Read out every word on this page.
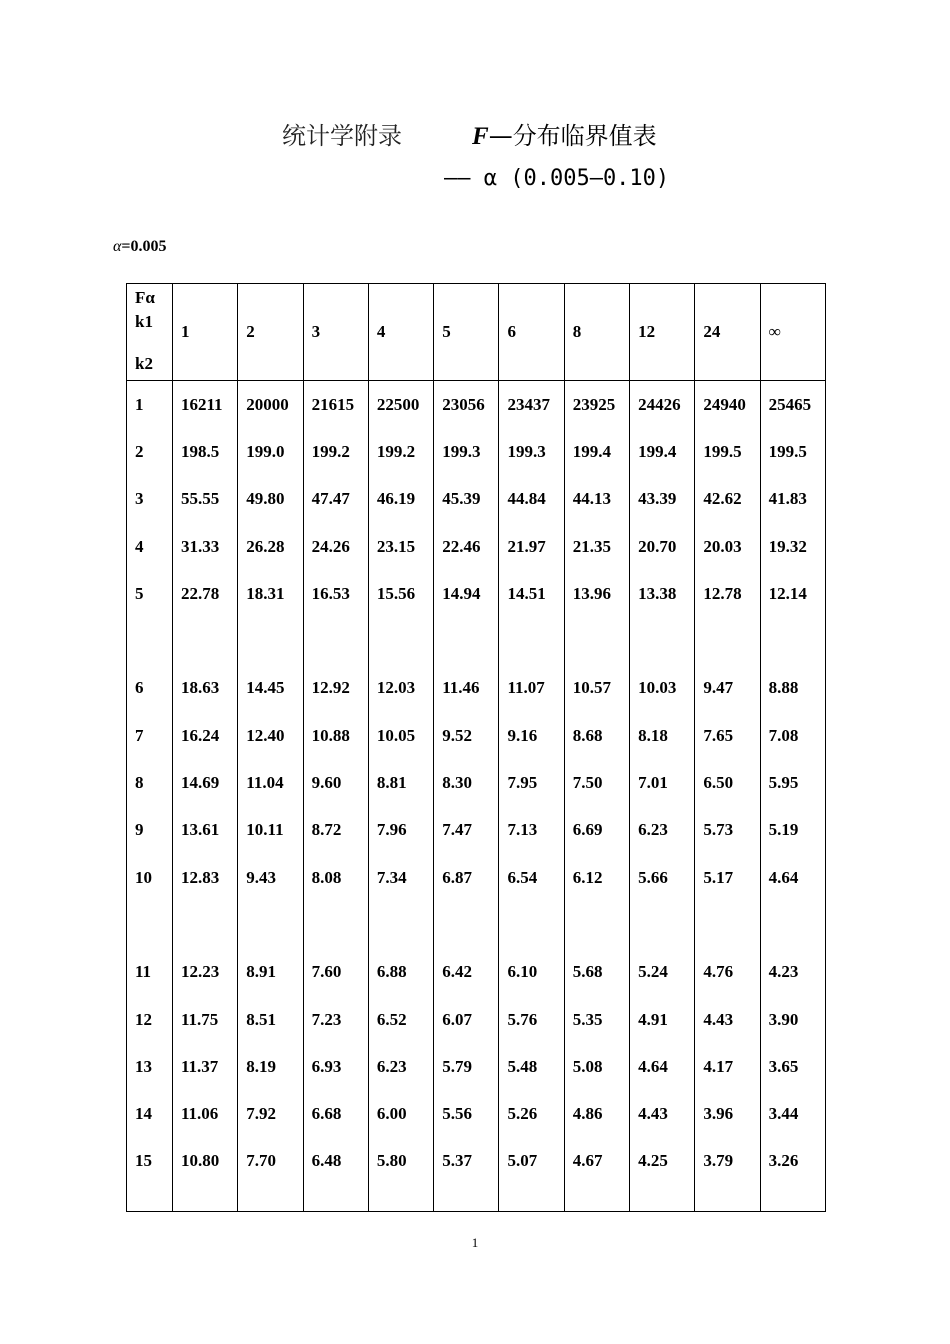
统计学附录	F—分布临界值表
—— α (0.005—0.10)
α=0.005
Fα
k1
k2	1	2	3	4	5	6	8	12	24	∞
1	16211	20000	21615	22500	23056	23437	23925	24426	24940	25465
2	198.5	199.0	199.2	199.2	199.3	199.3	199.4	199.4	199.5	199.5
3	55.55	49.80	47.47	46.19	45.39	44.84	44.13	43.39	42.62	41.83
4	31.33	26.28	24.26	23.15	22.46	21.97	21.35	20.70	20.03	19.32
5	22.78	18.31	16.53	15.56	14.94	14.51	13.96	13.38	12.78	12.14

6	18.63	14.45	12.92	12.03	11.46	11.07	10.57	10.03	9.47	8.88
7	16.24	12.40	10.88	10.05	9.52	9.16	8.68	8.18	7.65	7.08
8	14.69	11.04	9.60	8.81	8.30	7.95	7.50	7.01	6.50	5.95
9	13.61	10.11	8.72	7.96	7.47	7.13	6.69	6.23	5.73	5.19
10	12.83	9.43	8.08	7.34	6.87	6.54	6.12	5.66	5.17	4.64

11	12.23	8.91	7.60	6.88	6.42	6.10	5.68	5.24	4.76	4.23
12	11.75	8.51	7.23	6.52	6.07	5.76	5.35	4.91	4.43	3.90
13	11.37	8.19	6.93	6.23	5.79	5.48	5.08	4.64	4.17	3.65
14	11.06	7.92	6.68	6.00	5.56	5.26	4.86	4.43	3.96	3.44
15	10.80	7.70	6.48	5.80	5.37	5.07	4.67	4.25	3.79	3.26
1
